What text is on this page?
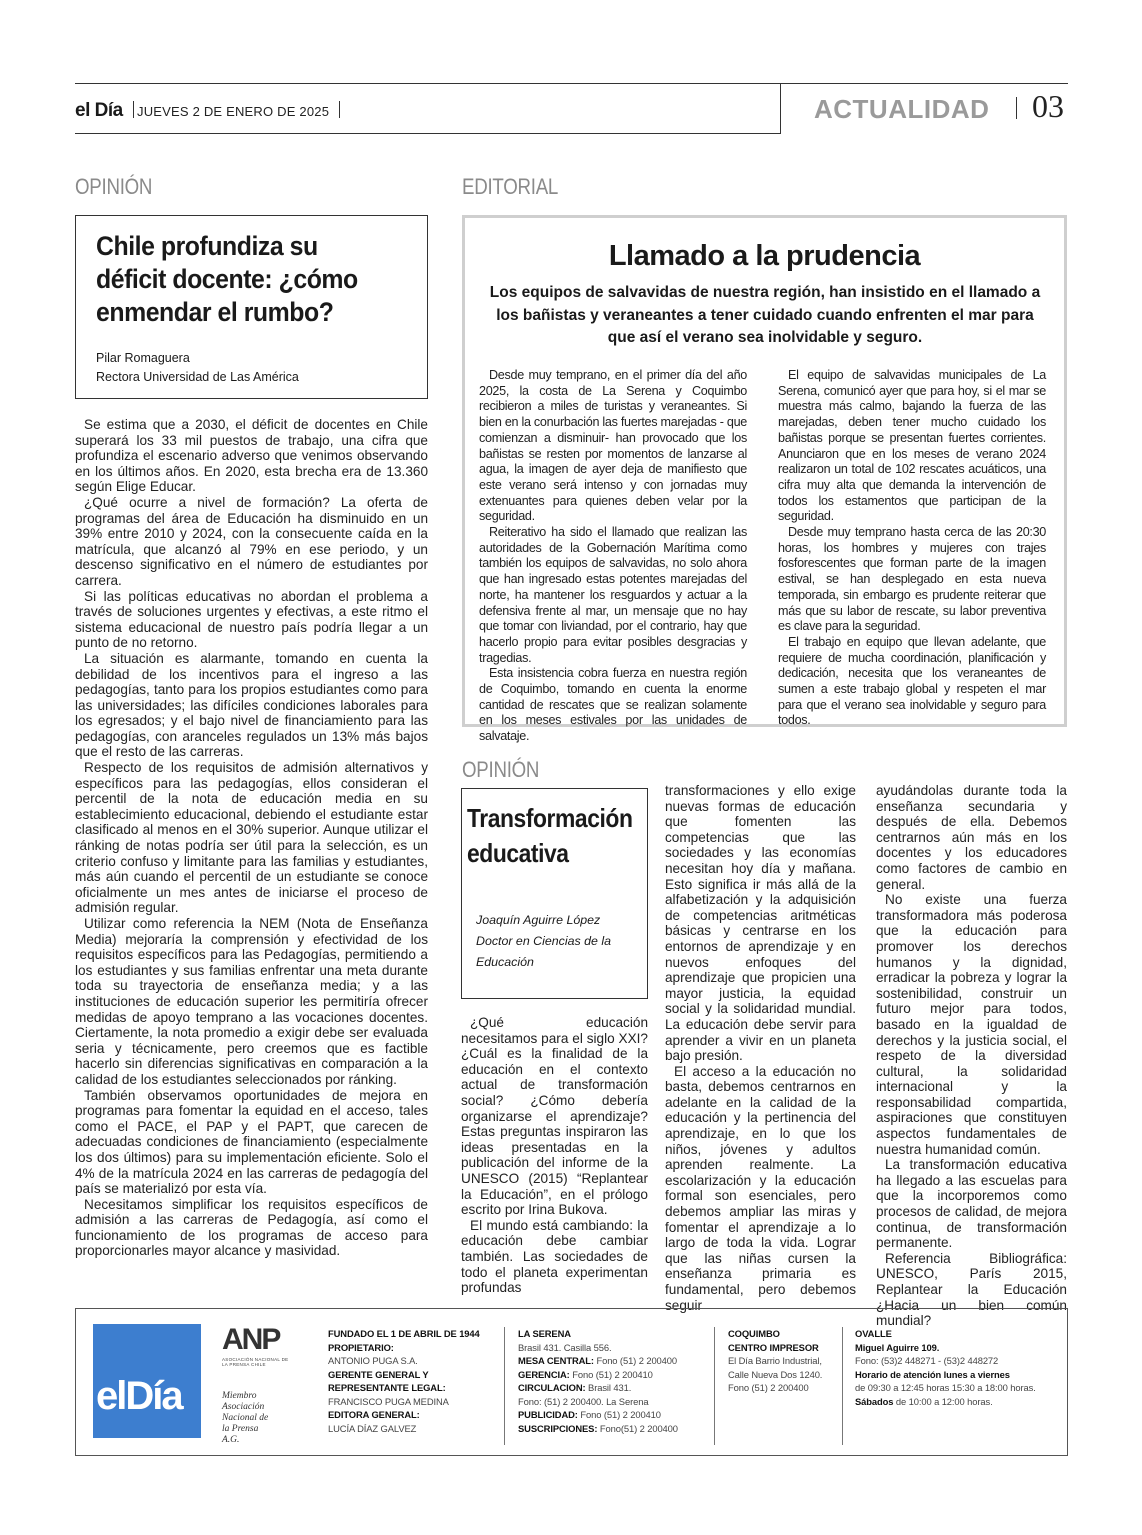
el Día JUEVES 2 DE ENERO DE 2025	ACTUALIDAD 03
OPINIÓN
Chile profundiza su déficit docente: ¿cómo enmendar el rumbo?
Pilar Romaguera
Rectora Universidad de Las América

Se estima que a 2030, el déficit de docentes en Chile superará los 33 mil puestos de trabajo, una cifra que profundiza el escenario adverso que venimos observando en los últimos años. En 2020, esta brecha era de 13.360 según Elige Educar.

¿Qué ocurre a nivel de formación? La oferta de programas del área de Educación ha disminuido en un 39% entre 2010 y 2024, con la consecuente caída en la matrícula, que alcanzó al 79% en ese periodo, y un descenso significativo en el número de estudiantes por carrera.

Si las políticas educativas no abordan el problema a través de soluciones urgentes y efectivas, a este ritmo el sistema educacional de nuestro país podría llegar a un punto de no retorno.

La situación es alarmante, tomando en cuenta la debilidad de los incentivos para el ingreso a las pedagogías, tanto para los propios estudiantes como para las universidades; las difíciles condiciones laborales para los egresados; y el bajo nivel de financiamiento para las pedagogías, con aranceles regulados un 13% más bajos que el resto de las carreras.

Respecto de los requisitos de admisión alternativos y específicos para las pedagogías, ellos consideran el percentil de la nota de educación media en su establecimiento educacional, debiendo el estudiante estar clasificado al menos en el 30% superior. Aunque utilizar el ránking de notas podría ser útil para la selección, es un criterio confuso y limitante para las familias y estudiantes, más aún cuando el percentil de un estudiante se conoce oficialmente un mes antes de iniciarse el proceso de admisión regular.

Utilizar como referencia la NEM (Nota de Enseñanza Media) mejoraría la comprensión y efectividad de los requisitos específicos para las Pedagogías, permitiendo a los estudiantes y sus familias enfrentar una meta durante toda su trayectoria de enseñanza media; y a las instituciones de educación superior les permitiría ofrecer medidas de apoyo temprano a las vocaciones docentes. Ciertamente, la nota promedio a exigir debe ser evaluada seria y técnicamente, pero creemos que es factible hacerlo sin diferencias significativas en comparación a la calidad de los estudiantes seleccionados por ránking.

También observamos oportunidades de mejora en programas para fomentar la equidad en el acceso, tales como el PACE, el PAP y el PAPT, que carecen de adecuadas condiciones de financiamiento (especialmente los dos últimos) para su implementación eficiente. Solo el 4% de la matrícula 2024 en las carreras de pedagogía del país se materializó por esta vía.

Necesitamos simplificar los requisitos específicos de admisión a las carreras de Pedagogía, así como el funcionamiento de los programas de acceso para proporcionarles mayor alcance y masividad.

EDITORIAL
Llamado a la prudencia
Los equipos de salvavidas de nuestra región, han insistido en el llamado a los bañistas y veraneantes a tener cuidado cuando enfrenten el mar para que así el verano sea inolvidable y seguro.

Desde muy temprano, en el primer día del año 2025, la costa de La Serena y Coquimbo recibieron a miles de turistas y veraneantes. Si bien en la conurbación las fuertes marejadas - que comienzan a disminuir- han provocado que los bañistas se resten por momentos de lanzarse al agua, la imagen de ayer deja de manifiesto que este verano será intenso y con jornadas muy extenuantes para quienes deben velar por la seguridad.

Reiterativo ha sido el llamado que realizan las autoridades de la Gobernación Marítima como también los equipos de salvavidas, no solo ahora que han ingresado estas potentes marejadas del norte, ha mantener los resguardos y actuar a la defensiva frente al mar, un mensaje que no hay que tomar con liviandad, por el contrario, hay que hacerlo propio para evitar posibles desgracias y tragedias.

Esta insistencia cobra fuerza en nuestra región de Coquimbo, tomando en cuenta la enorme cantidad de rescates que se realizan solamente en los meses estivales por las unidades de salvataje.

El equipo de salvavidas municipales de La Serena, comunicó ayer que para hoy, si el mar se muestra más calmo, bajando la fuerza de las marejadas, deben tener mucho cuidado los bañistas porque se presentan fuertes corrientes. Anunciaron que en los meses de verano 2024 realizaron un total de 102 rescates acuáticos, una cifra muy alta que demanda la intervención de todos los estamentos que participan de la seguridad.

Desde muy temprano hasta cerca de las 20:30 horas, los hombres y mujeres con trajes fosforescentes que forman parte de la imagen estival, se han desplegado en esta nueva temporada, sin embargo es prudente reiterar que más que su labor de rescate, su labor preventiva es clave para la seguridad.

El trabajo en equipo que llevan adelante, que requiere de mucha coordinación, planificación y dedicación, necesita que los veraneantes de sumen a este trabajo global y respeten el mar para que el verano sea inolvidable y seguro para todos.

OPINIÓN
Transformación
educativa
Joaquín Aguirre López
Doctor en Ciencias de la
Educación

¿Qué educación necesitamos para el siglo XXI? ¿Cuál es la finalidad de la educación en el contexto actual de transformación social? ¿Cómo debería organizarse el aprendizaje? Estas preguntas inspiraron las ideas presentadas en la publicación del informe de la UNESCO (2015) “Replantear la Educación”, en el prólogo escrito por Irina Bukova.

El mundo está cambiando: la educación debe cambiar también. Las sociedades de todo el planeta experimentan profundas

transformaciones y ello exige nuevas formas de educación que fomenten las competencias que las sociedades y las economías necesitan hoy día y mañana. Esto significa ir más allá de la alfabetización y la adquisición de competencias aritméticas básicas y centrarse en los entornos de aprendizaje y en nuevos enfoques del aprendizaje que propicien una mayor justicia, la equidad social y la solidaridad mundial. La educación debe servir para aprender a vivir en un planeta bajo presión.

El acceso a la educación no basta, debemos centrarnos en adelante en la calidad de la educación y la pertinencia del aprendizaje, en lo que los niños, jóvenes y adultos aprenden realmente. La escolarización y la educación formal son esenciales, pero debemos ampliar las miras y fomentar el aprendizaje a lo largo de toda la vida. Lograr que las niñas cursen la enseñanza primaria es fundamental, pero debemos seguir

ayudándolas durante toda la enseñanza secundaria y después de ella. Debemos centrarnos aún más en los docentes y los educadores como factores de cambio en general.

No existe una fuerza transformadora más poderosa que la educación para promover los derechos humanos y la dignidad, erradicar la pobreza y lograr la sostenibilidad, construir un futuro mejor para todos, basado en la igualdad de derechos y la justicia social, el respeto de la diversidad cultural, la solidaridad internacional y la responsabilidad compartida, aspiraciones que constituyen aspectos fundamentales de nuestra humanidad común.

La transformación educativa ha llegado a las escuelas para que la incorporemos como procesos de calidad, de mejora continua, de transformación permanente.

Referencia Bibliográfica: UNESCO, París 2015, Replantear la Educación ¿Hacia un bien común mundial?

elDía
ANP
ASOCIACIÓN NACIONAL DE LA PRENSA CHILE
Miembro
Asociación
Nacional de
la Prensa
A.G.
FUNDADO EL 1 DE ABRIL DE 1944
PROPIETARIO:
ANTONIO PUGA S.A.
GERENTE GENERAL Y
REPRESENTANTE LEGAL:
FRANCISCO PUGA MEDINA
EDITORA GENERAL:
LUCÍA DÍAZ GALVEZ
LA SERENA
Brasil 431. Casilla 556.
MESA CENTRAL: Fono (51) 2 200400
GERENCIA: Fono (51) 2 200410
CIRCULACION: Brasil 431.
Fono: (51) 2 200400. La Serena
PUBLICIDAD: Fono (51) 2 200410
SUSCRIPCIONES: Fono(51) 2 200400
COQUIMBO
CENTRO IMPRESOR
El Día Barrio Industrial,
Calle Nueva Dos 1240.
Fono (51) 2 200400
OVALLE
Miguel Aguirre 109.
Fono: (53)2 448271 - (53)2 448272
Horario de atención lunes a viernes
de 09:30 a 12:45 horas 15:30 a 18:00 horas.
Sábados de 10:00 a 12:00 horas.
